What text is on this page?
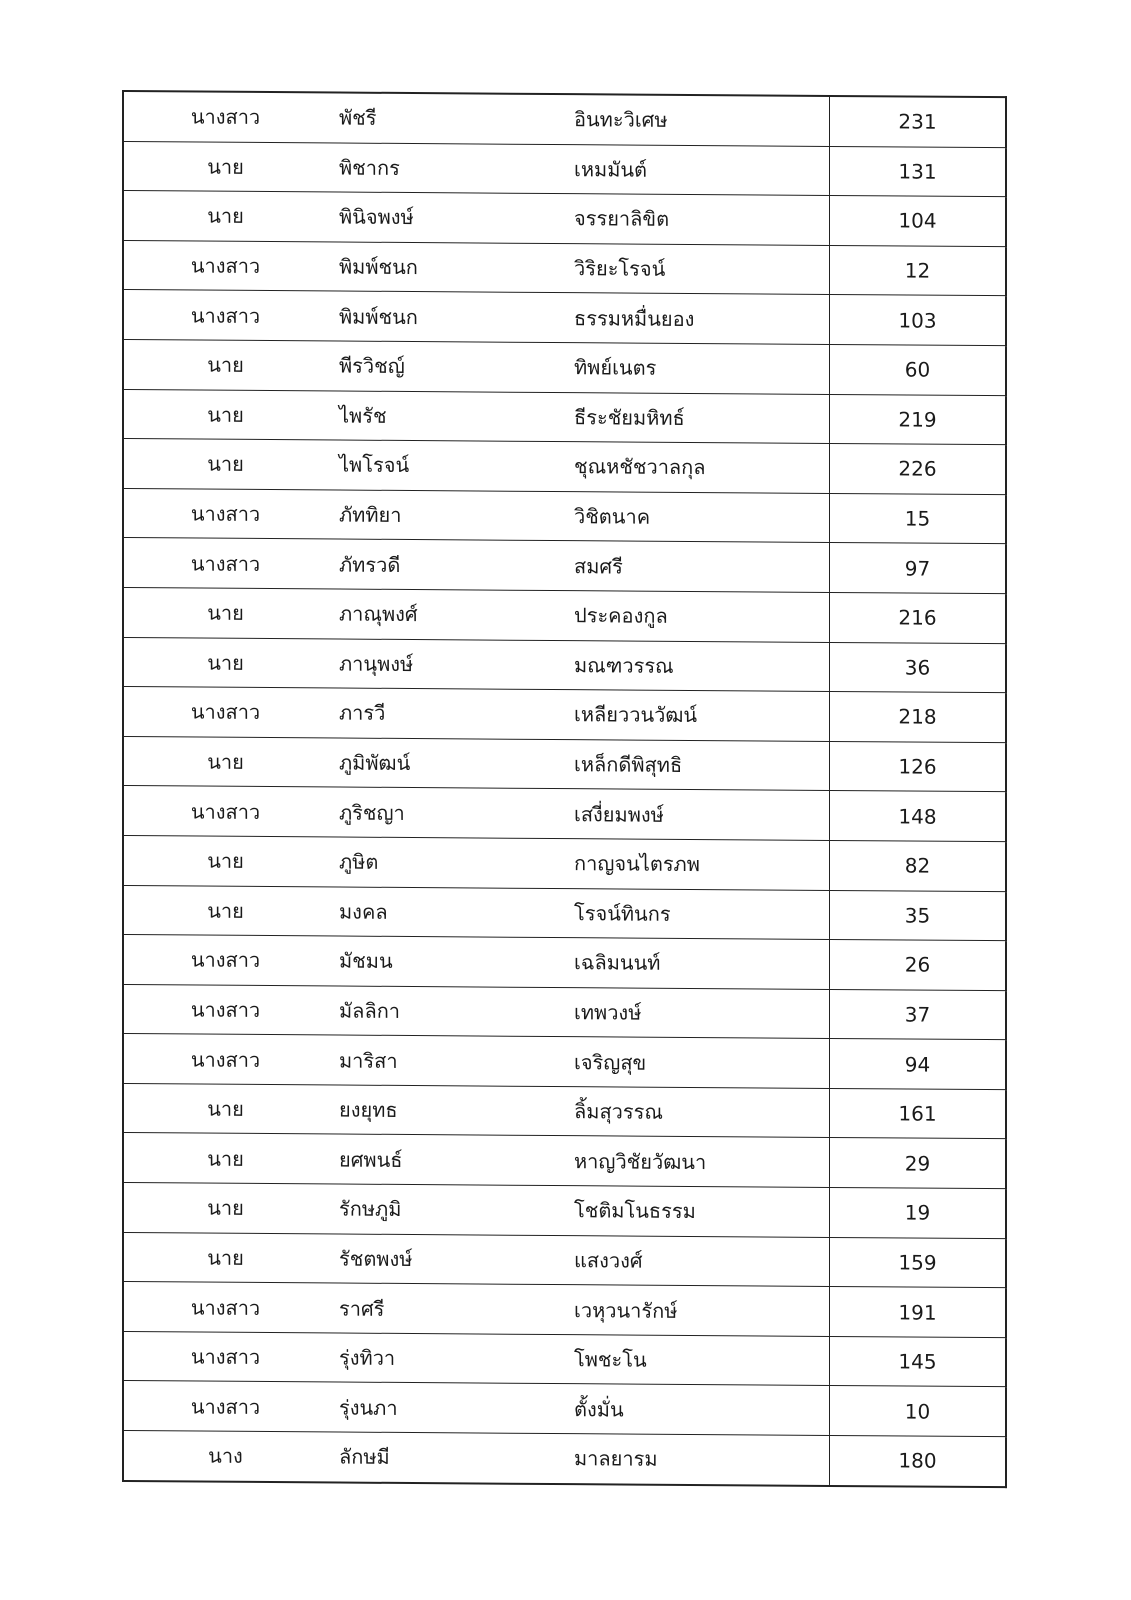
นางสาว	พัชรี	อินทะวิเศษ	231
นาย	พิชากร	เหมมันต์	131
นาย	พินิจพงษ์	จรรยาลิขิต	104
นางสาว	พิมพ์ชนก	วิริยะโรจน์	12
นางสาว	พิมพ์ชนก	ธรรมหมื่นยอง	103
นาย	พีรวิชญ์	ทิพย์เนตร	60
นาย	ไพรัช	ธีระชัยมหิทธ์	219
นาย	ไพโรจน์	ชุณหชัชวาลกุล	226
นางสาว	ภัททิยา	วิชิตนาค	15
นางสาว	ภัทรวดี	สมศรี	97
นาย	ภาณุพงศ์	ประคองกูล	216
นาย	ภานุพงษ์	มณฑวรรณ	36
นางสาว	ภารวี	เหลียววนวัฒน์	218
นาย	ภูมิพัฒน์	เหล็กดีพิสุทธิ	126
นางสาว	ภูริชญา	เสงี่ยมพงษ์	148
นาย	ภูษิต	กาญจนไตรภพ	82
นาย	มงคล	โรจน์ทินกร	35
นางสาว	มัชมน	เฉลิมนนท์	26
นางสาว	มัลลิกา	เทพวงษ์	37
นางสาว	มาริสา	เจริญสุข	94
นาย	ยงยุทธ	ลิ้มสุวรรณ	161
นาย	ยศพนธ์	หาญวิชัยวัฒนา	29
นาย	รักษภูมิ	โชติมโนธรรม	19
นาย	รัชตพงษ์	แสงวงศ์	159
นางสาว	ราศรี	เวหุวนารักษ์	191
นางสาว	รุ่งทิวา	โพชะโน	145
นางสาว	รุ่งนภา	ตั้งมั่น	10
นาง	ลักษมี	มาลยารม	180
